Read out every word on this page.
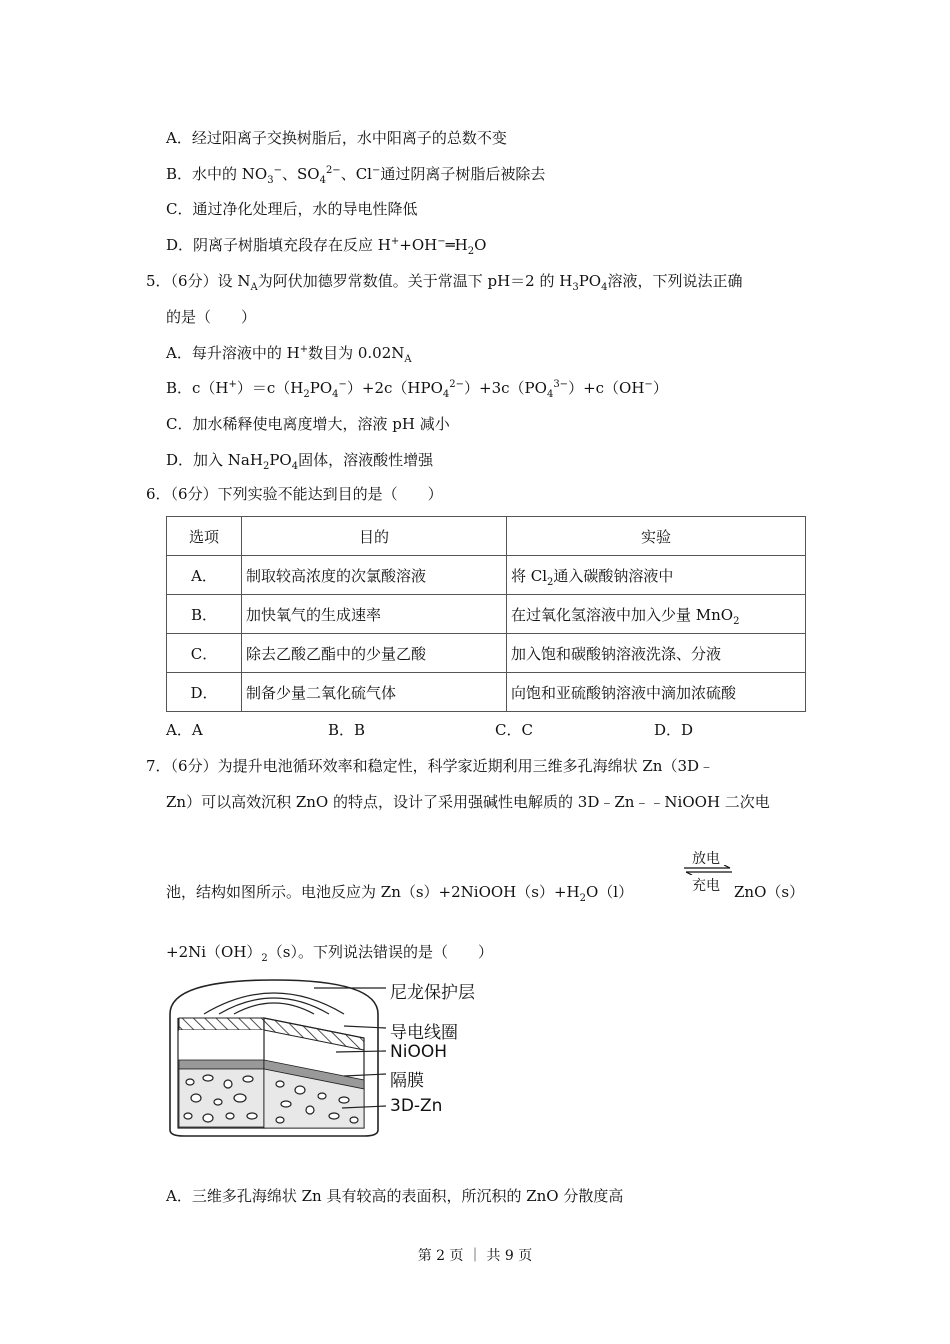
A．经过阳离子交换树脂后，水中阳离子的总数不变
B．水中的 $NO_3^-$、$SO_4^{2-}$、Cl−通过阴离子树脂后被除去
C．通过净化处理后，水的导电性降低
D．阴离子树脂填充段存在反应 $H^++OH^-═H_2O$
5．（6分）设 $N_A$为阿伏加德罗常数值。关于常温下 pH＝2 的 $H_3PO_4$溶液，下列说法正确
的是（　　）
A．每升溶液中的 H+数目为 $0.02N_A$
B．$c(H^+)=c(H_2PO_4^-)+2c(HPO_4^{2-})+3c(PO_4^{3-})+c(OH^-)$
C．加水稀释使电离度增大，溶液 pH 减小
D．加入 $NaH_2PO_4$固体，溶液酸性增强
6．（6分）下列实验不能达到目的是（　　）
选项	目的	实验
A．	制取较高浓度的次氯酸溶液	将 $Cl_2$通入碳酸钠溶液中
B．	加快氧气的生成速率	在过氧化氢溶液中加入少量 MnO$_2$
C．	除去乙酸乙酯中的少量乙酸	加入饱和碳酸钠溶液洗涤、分液
D．	制备少量二氧化硫气体	向饱和亚硫酸钠溶液中滴加浓硫酸
A．A	B．B	C．C	D．D
7．（6分）为提升电池循环效率和稳定性，科学家近期利用三维多孔海绵状 Zn（3D﹣
Zn）可以高效沉积 ZnO 的特点，设计了采用强碱性电解质的 3D﹣Zn﹣﹣NiOOH 二次电
池，结构如图所示。电池反应为 $Zn(s)+2NiOOH(s)+H_2O(l)$
放电
充电 ZnO（s）
$+2Ni(OH)_2(s)$。下列说法错误的是（　　）
尼龙保护层
导电线圈
NiOOH
隔膜
3D-Zn
A．三维多孔海绵状 Zn 具有较高的表面积，所沉积的 ZnO 分散度高
第 2 页 ｜ 共 9 页
